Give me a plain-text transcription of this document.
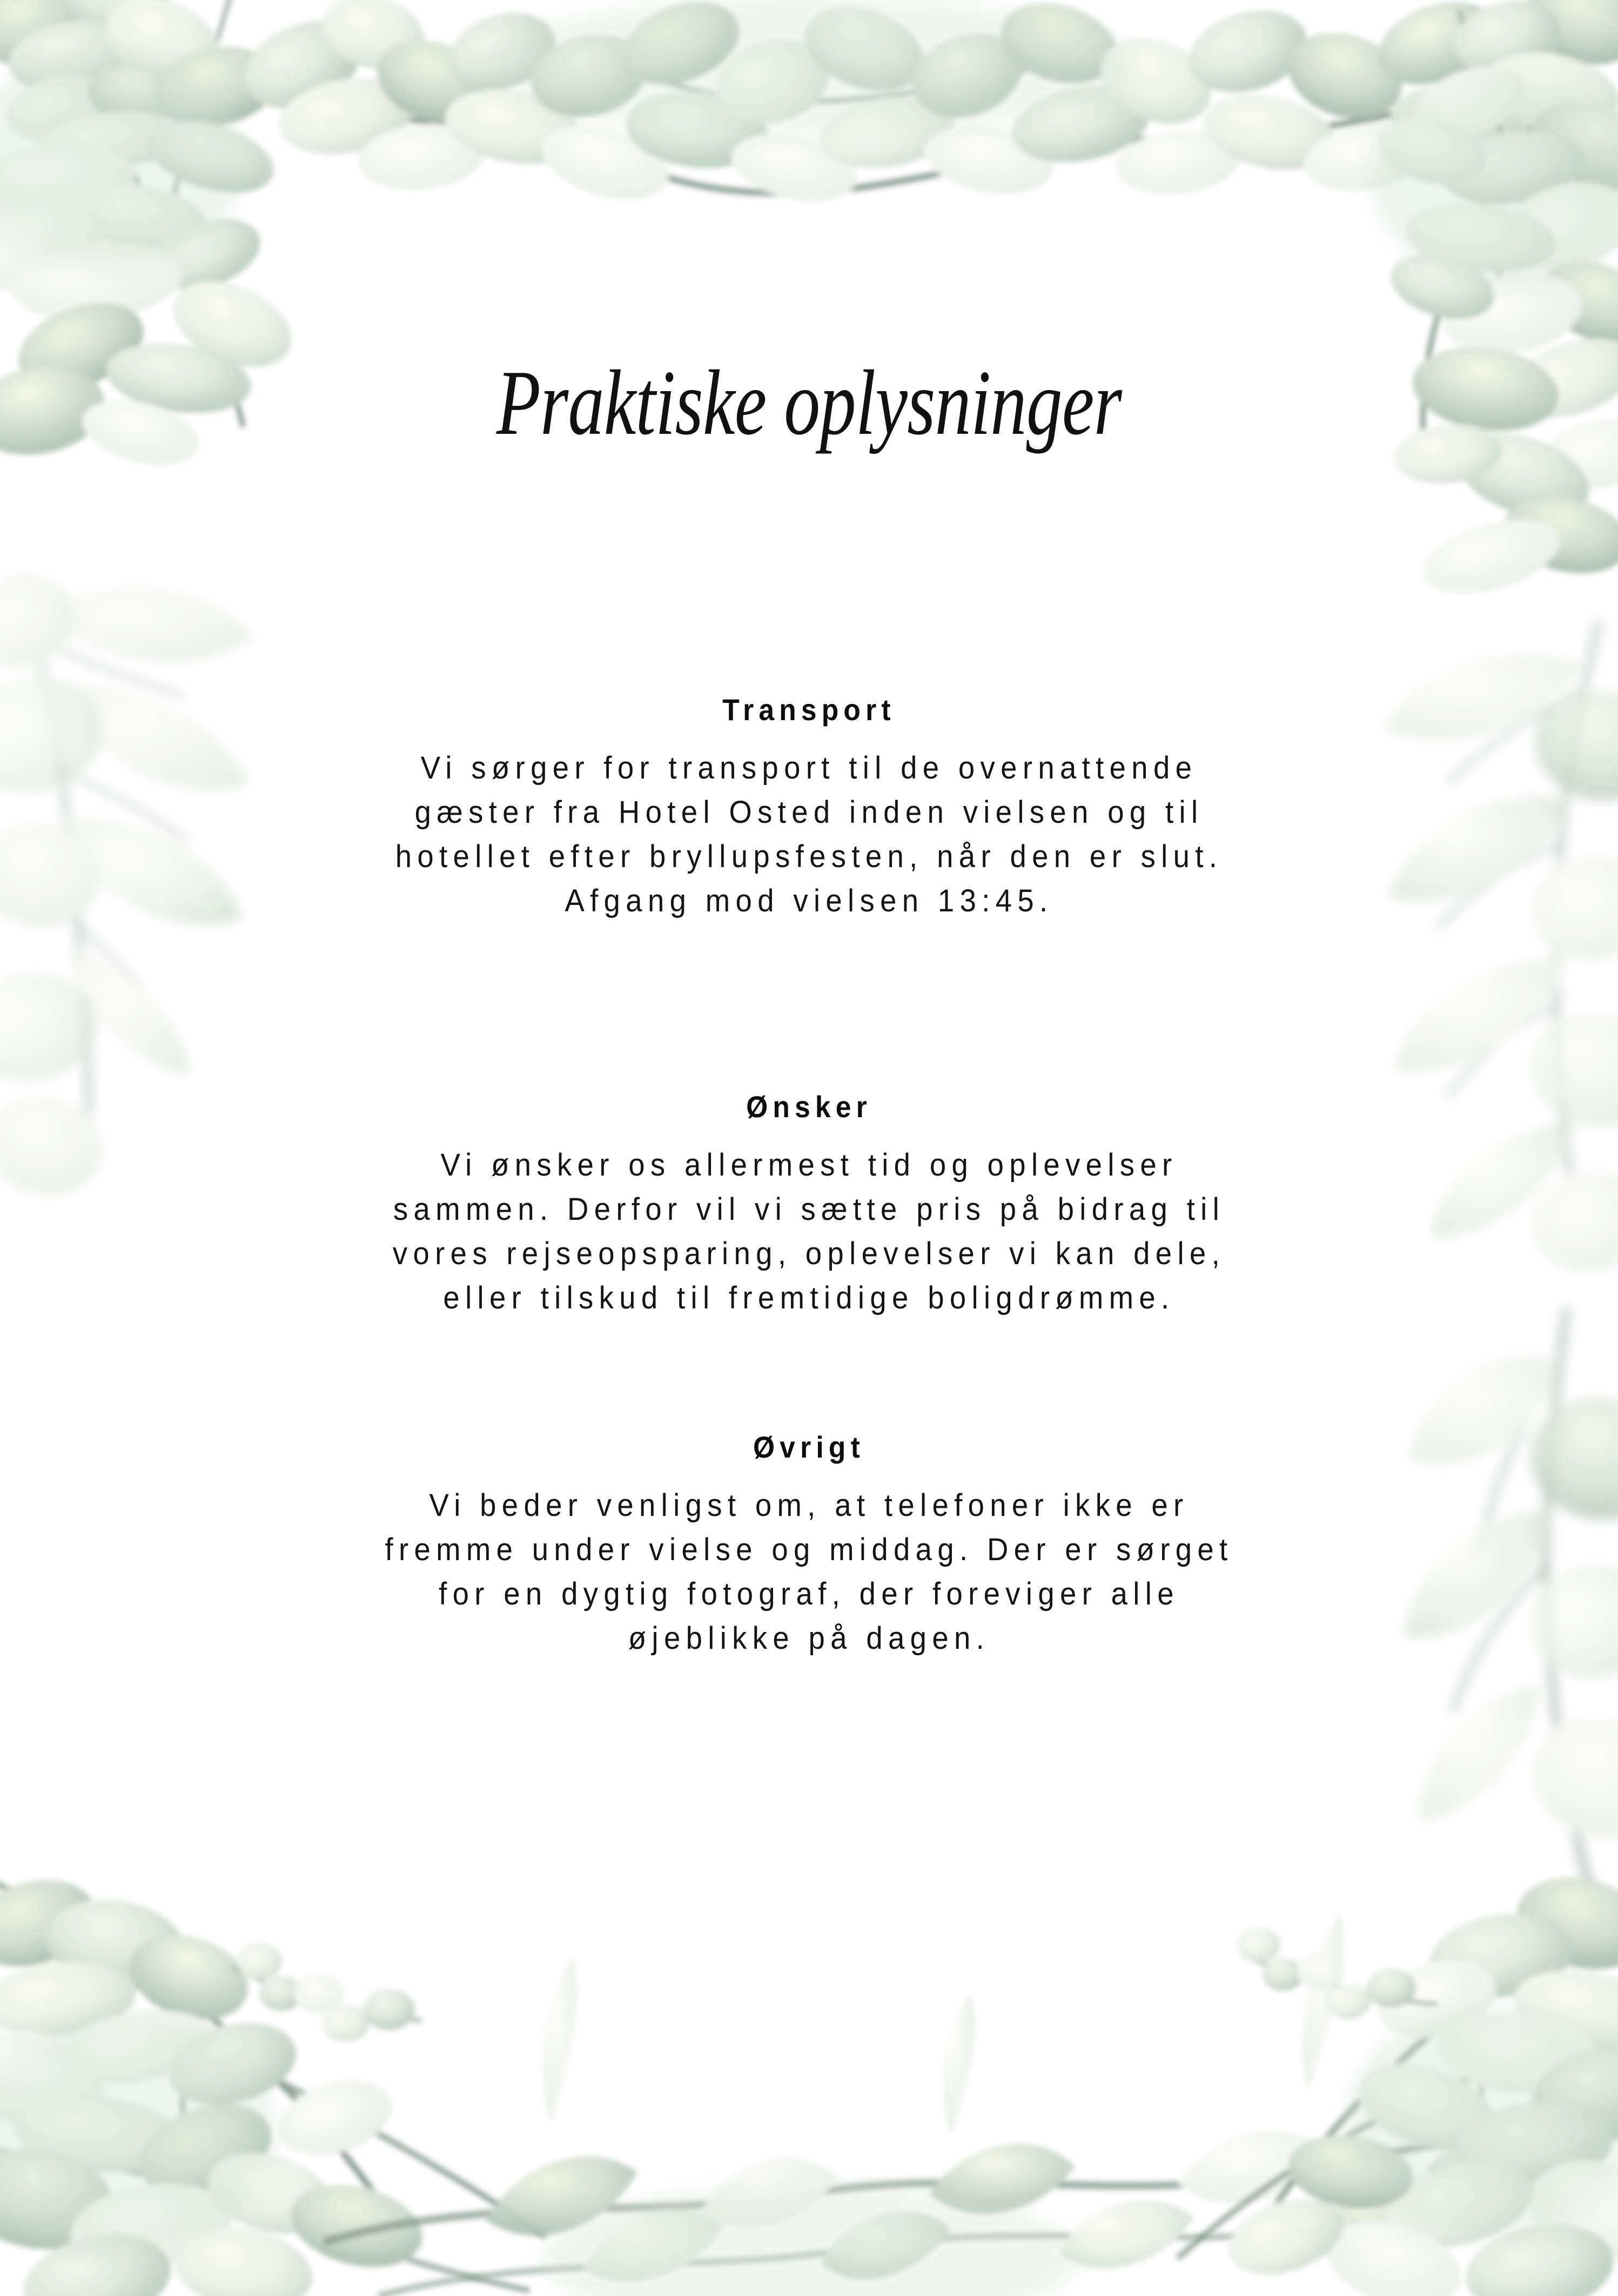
Praktiske oplysninger
Transport
Vi sørger for transport til de overnattende
gæster fra Hotel Osted inden vielsen og til
hotellet efter bryllupsfesten, når den er slut.
Afgang mod vielsen 13:45.
Ønsker
Vi ønsker os allermest tid og oplevelser
sammen. Derfor vil vi sætte pris på bidrag til
vores rejseopsparing, oplevelser vi kan dele,
eller tilskud til fremtidige boligdrømme.
Øvrigt
Vi beder venligst om, at telefoner ikke er
fremme under vielse og middag. Der er sørget
for en dygtig fotograf, der foreviger alle
øjeblikke på dagen.
